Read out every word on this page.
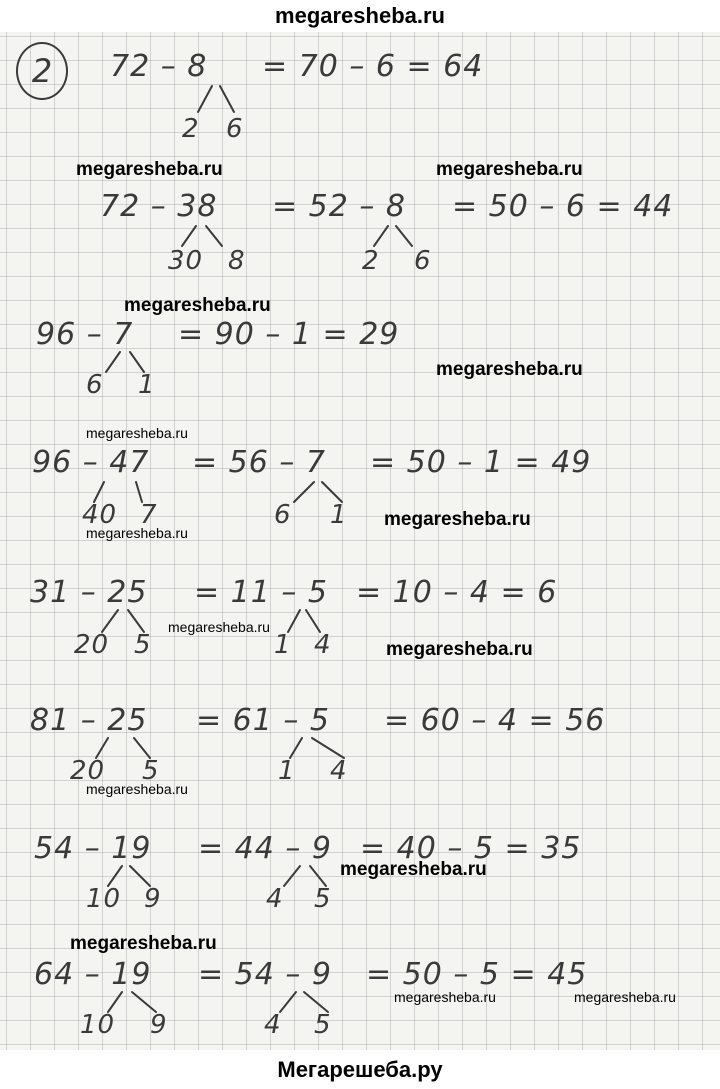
megaresheba.ru
2	72 – 8 = 70 – 6 = 64
2 6
72 – 38 = 52 – 8 = 50 – 6 = 44
30 8	2 6
96 – 7 = 90 – 1 = 29
6 1
96 – 47 = 56 – 7 = 50 – 1 = 49
40 7	6 1
31 – 25 = 11 – 5 = 10 – 4 = 6
20 5	1 4
81 – 25 = 61 – 5 = 60 – 4 = 56
20 5	1 4
54 – 19 = 44 – 9 = 40 – 5 = 35
10 9	4 5
64 – 19 = 54 – 9 = 50 – 5 = 45
10 9	4 5
megaresheba.ru	megaresheba.ru
megaresheba.ru
megaresheba.ru
megaresheba.ru
megaresheba.ru
megaresheba.ru
megaresheba.ru
megaresheba.ru
megaresheba.ru
megaresheba.ru
megaresheba.ru
megaresheba.ru	megaresheba.ru
Мегарешеба.ру
